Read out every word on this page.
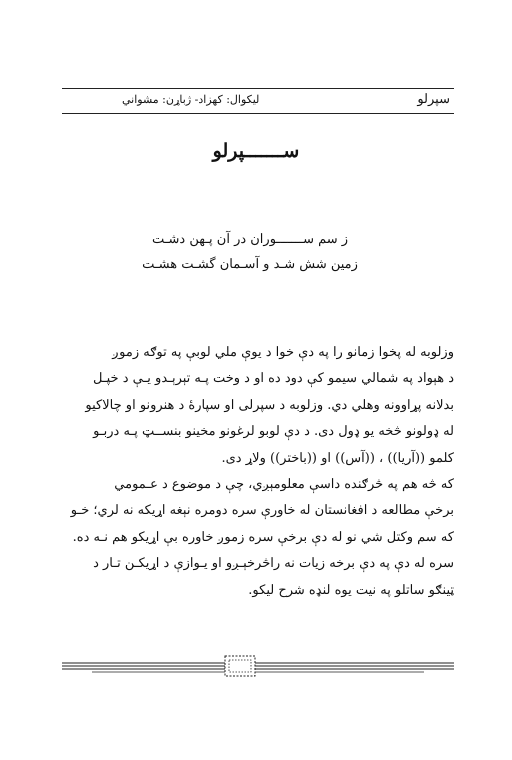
سپرلو
ليکوال: کهزاد- ژباړن: مشواني
ســـــــپرلو
ز سم ســـــــوران در آن پـهن دشـت
زمين شش شـد و آسـمان گشـت هشـت
وزلوبه له پخوا زمانو را په دې خوا د يوې ملي لوبې په توګه زموږ
د هېواد په شمالي سيمو کې دود ده او د وخت پـه تېرېـدو يـې د خپـل
بدلانه پړاوونه وهلي دي. وزلوبه د سپرلی او سپارۀ د هنرونو او چالاکيو
له ډولونو څخه يو ډول دی. د دې لوبو لرغونو مخينو بنســټ پـه دربـو
کلمو ((آريا)) ، ((آس)) او ((باختر)) ولاړ دی.
که څه هم په څرګنده داسې معلومېږي، چې د موضوع د عـمومي
برخې مطالعه د افغانستان له خاورې سره دومره نېغه اړيکه نه لري؛ خـو
که سم وکتل شي نو له دې برخې سره زموږ خاوره بې اړيکو هم نـه ده.
سره له دې په دې برخه زيات نه راڅرخېـږو او يـوازې د اړيکـن تـار د
ټينګو ساتلو په نيت يوه لنډه شرح ليکو.
